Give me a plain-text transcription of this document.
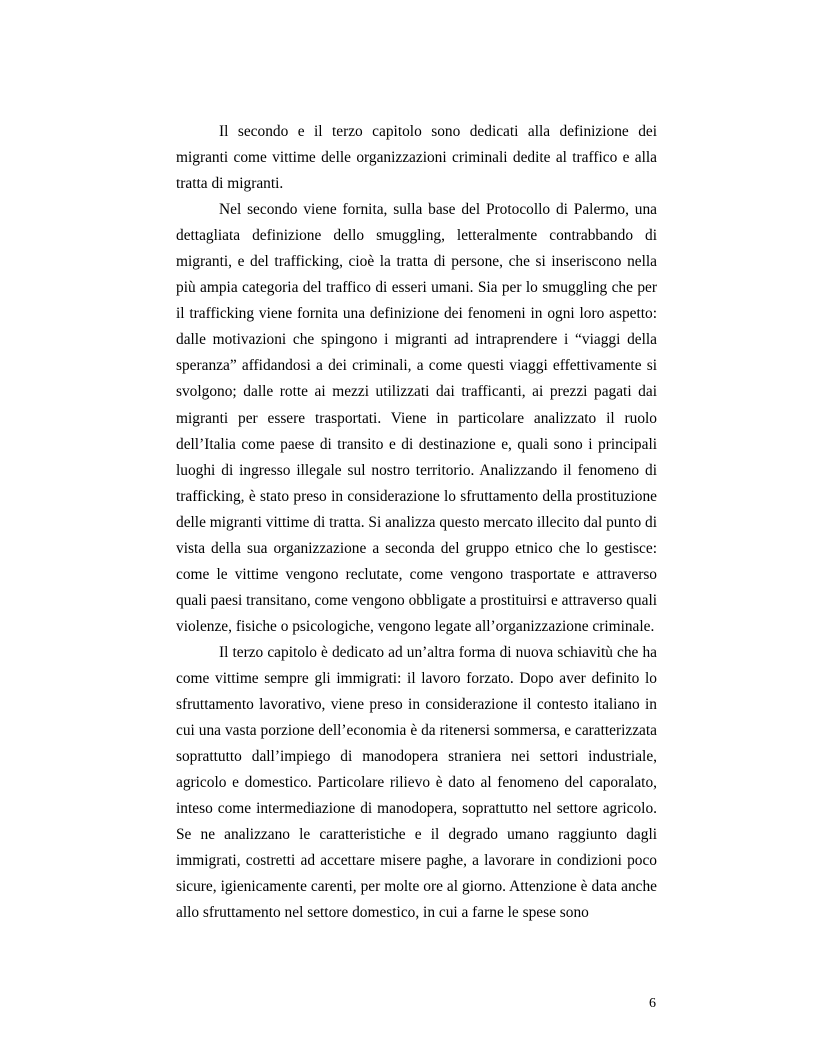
Il secondo e il terzo capitolo sono dedicati alla definizione dei migranti come vittime delle organizzazioni criminali dedite al traffico e alla tratta di migranti.

Nel secondo viene fornita, sulla base del Protocollo di Palermo, una dettagliata definizione dello smuggling, letteralmente contrabbando di migranti, e del trafficking, cioè la tratta di persone, che si inseriscono nella più ampia categoria del traffico di esseri umani. Sia per lo smuggling che per il trafficking viene fornita una definizione dei fenomeni in ogni loro aspetto: dalle motivazioni che spingono i migranti ad intraprendere i “viaggi della speranza” affidandosi a dei criminali, a come questi viaggi effettivamente si svolgono; dalle rotte ai mezzi utilizzati dai trafficanti, ai prezzi pagati dai migranti per essere trasportati. Viene in particolare analizzato il ruolo dell’Italia come paese di transito e di destinazione e, quali sono i principali luoghi di ingresso illegale sul nostro territorio. Analizzando il fenomeno di trafficking, è stato preso in considerazione lo sfruttamento della prostituzione delle migranti vittime di tratta. Si analizza questo mercato illecito dal punto di vista della sua organizzazione a seconda del gruppo etnico che lo gestisce: come le vittime vengono reclutate, come vengono trasportate e attraverso quali paesi transitano, come vengono obbligate a prostituirsi e attraverso quali violenze, fisiche o psicologiche, vengono legate all’organizzazione criminale.

Il terzo capitolo è dedicato ad un’altra forma di nuova schiavitù che ha come vittime sempre gli immigrati: il lavoro forzato. Dopo aver definito lo sfruttamento lavorativo, viene preso in considerazione il contesto italiano in cui una vasta porzione dell’economia è da ritenersi sommersa, e caratterizzata soprattutto dall’impiego di manodopera straniera nei settori industriale, agricolo e domestico. Particolare rilievo è dato al fenomeno del caporalato, inteso come intermediazione di manodopera, soprattutto nel settore agricolo. Se ne analizzano le caratteristiche e il degrado umano raggiunto dagli immigrati, costretti ad accettare misere paghe, a lavorare in condizioni poco sicure, igienicamente carenti, per molte ore al giorno. Attenzione è data anche allo sfruttamento nel settore domestico, in cui a farne le spese sono

6
